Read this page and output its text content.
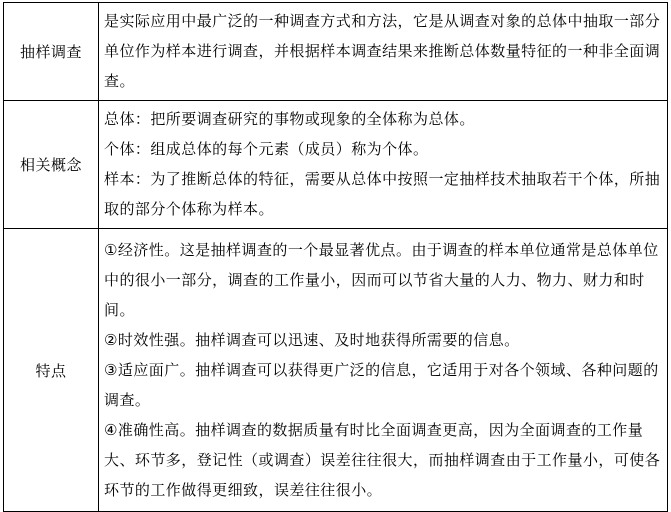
抽样调查	是实际应用中最广泛的一种调查方式和方法，它是从调查对象的总体中抽取一部分单位作为样本进行调查，并根据样本调查结果来推断总体数量特征的一种非全面调查。

相关概念	总体：把所要调查研究的事物或现象的全体称为总体。
个体：组成总体的每个元素（成员）称为个体。
样本：为了推断总体的特征，需要从总体中按照一定抽样技术抽取若干个体，所抽取的部分个体称为样本。

特点	①经济性。这是抽样调查的一个最显著优点。由于调查的样本单位通常是总体单位中的很小一部分，调查的工作量小，因而可以节省大量的人力、物力、财力和时间。
②时效性强。抽样调查可以迅速、及时地获得所需要的信息。
③适应面广。抽样调查可以获得更广泛的信息，它适用于对各个领域、各种问题的调查。
④准确性高。抽样调查的数据质量有时比全面调查更高，因为全面调查的工作量大、环节多，登记性（或调查）误差往往很大，而抽样调查由于工作量小，可使各环节的工作做得更细致，误差往往很小。
